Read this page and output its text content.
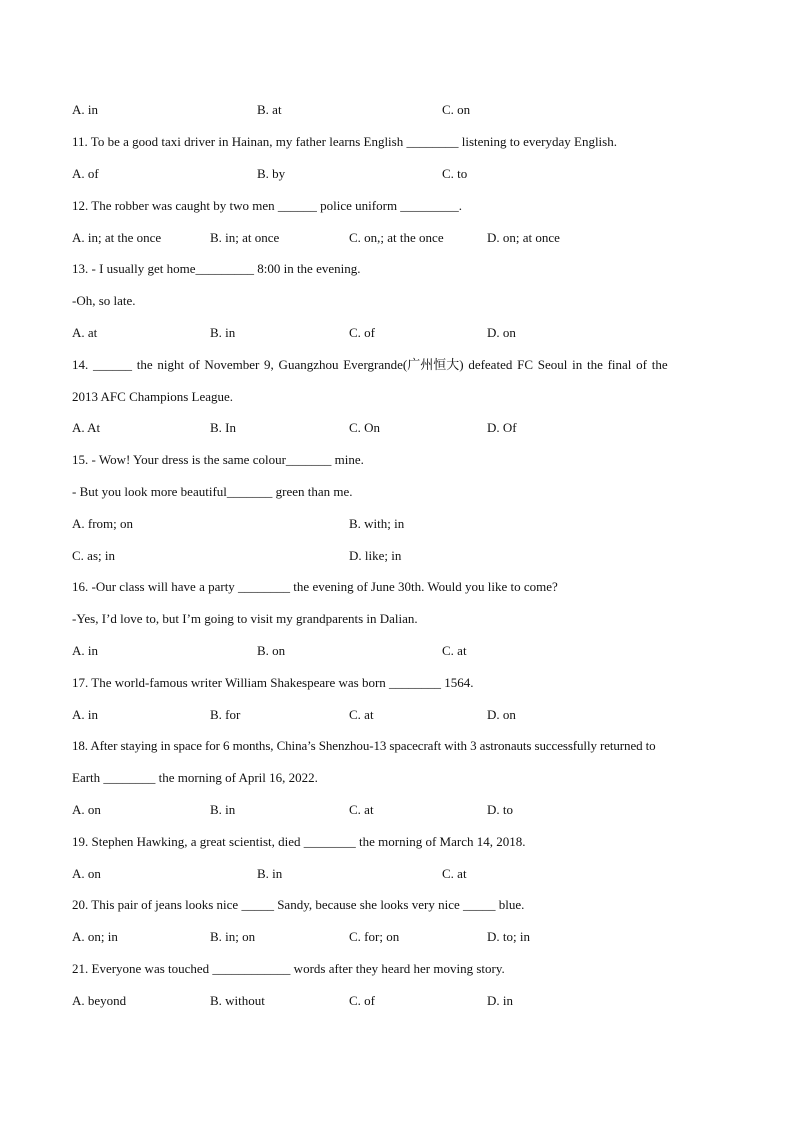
A. in	B. at	C. on
11. To be a good taxi driver in Hainan, my father learns English ________ listening to everyday English.
A. of	B. by	C. to
12. The robber was caught by two men ______ police uniform _________.
A. in; at the once	B. in; at once	C. on,; at the once	D. on; at once
13. - I usually get home_________ 8:00 in the evening.
-Oh, so late.
A. at	B. in	C. of	D. on
14. ______ the night of November 9, Guangzhou Evergrande(广州恒大) defeated FC Seoul in the final of the
2013 AFC Champions League.
A. At	B. In	C. On	D. Of
15. - Wow! Your dress is the same colour_______ mine.
- But you look more beautiful_______ green than me.
A. from; on	B. with; in
C. as; in	D. like; in
16. -Our class will have a party ________ the evening of June 30th. Would you like to come?
-Yes, I’d love to, but I’m going to visit my grandparents in Dalian.
A. in	B. on	C. at
17. The world-famous writer William Shakespeare was born ________ 1564.
A. in	B. for	C. at	D. on
18. After staying in space for 6 months, China’s Shenzhou-13 spacecraft with 3 astronauts successfully returned to
Earth ________ the morning of April 16, 2022.
A. on	B. in	C. at	D. to
19. Stephen Hawking, a great scientist, died ________ the morning of March 14, 2018.
A. on	B. in	C. at
20. This pair of jeans looks nice _____ Sandy, because she looks very nice _____ blue.
A. on; in	B. in; on	C. for; on	D. to; in
21. Everyone was touched ____________ words after they heard her moving story.
A. beyond	B. without	C. of	D. in
